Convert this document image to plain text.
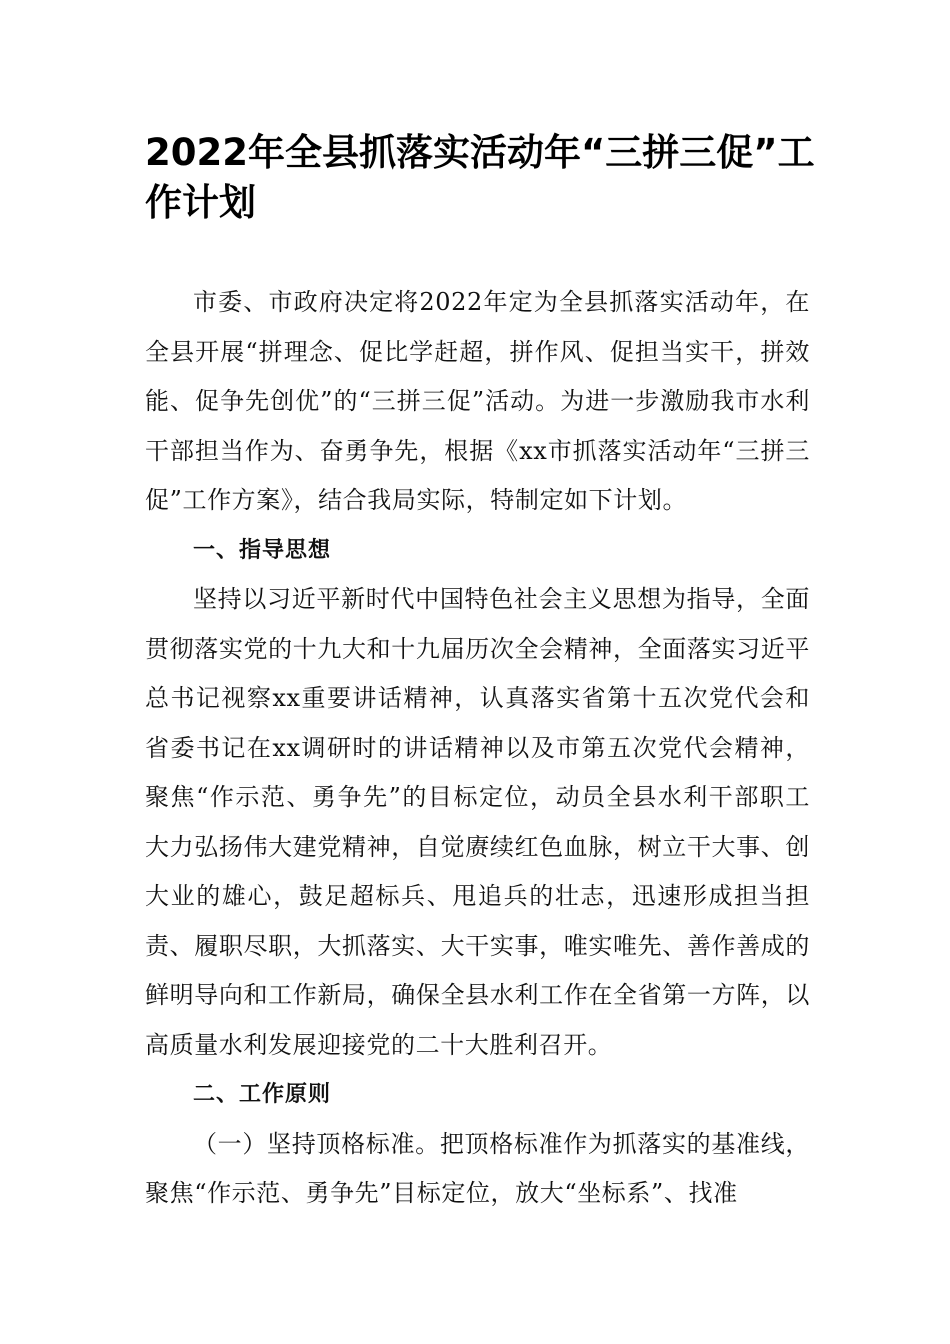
2022年全县抓落实活动年“三拼三促”工作计划

市委、市政府决定将2022年定为全县抓落实活动年，在全县开展“拼理念、促比学赶超，拼作风、促担当实干，拼效能、促争先创优”的“三拼三促”活动。为进一步激励我市水利干部担当作为、奋勇争先，根据《xx市抓落实活动年“三拼三促”工作方案》，结合我局实际，特制定如下计划。

一、指导思想

坚持以习近平新时代中国特色社会主义思想为指导，全面贯彻落实党的十九大和十九届历次全会精神，全面落实习近平总书记视察xx重要讲话精神，认真落实省第十五次党代会和省委书记在xx调研时的讲话精神以及市第五次党代会精神，聚焦“作示范、勇争先”的目标定位，动员全县水利干部职工大力弘扬伟大建党精神，自觉赓续红色血脉，树立干大事、创大业的雄心，鼓足超标兵、甩追兵的壮志，迅速形成担当担责、履职尽职，大抓落实、大干实事，唯实唯先、善作善成的鲜明导向和工作新局，确保全县水利工作在全省第一方阵，以高质量水利发展迎接党的二十大胜利召开。

二、工作原则

（一）坚持顶格标准。把顶格标准作为抓落实的基准线，聚焦“作示范、勇争先”目标定位，放大“坐标系”、找准
